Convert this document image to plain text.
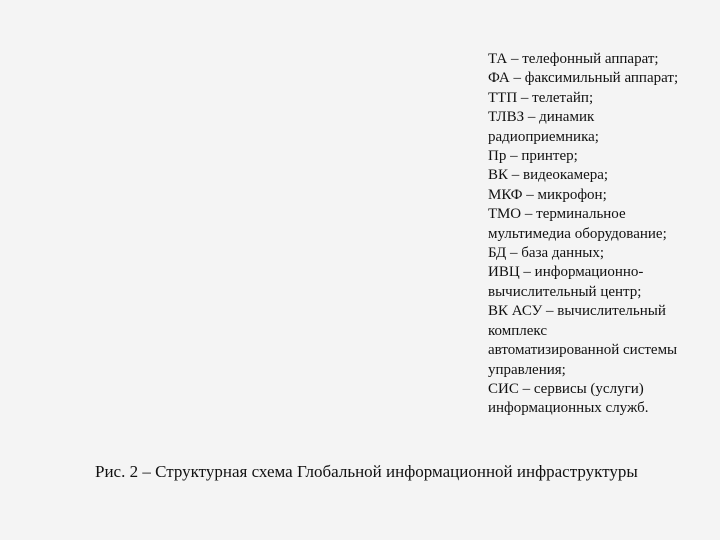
ТА – телефонный аппарат;
ФА – факсимильный аппарат;
ТТП – телетайп;
ТЛВЗ – динамик
радиоприемника;
Пр – принтер;
ВК – видеокамера;
МКФ – микрофон;
ТМО – терминальное
мультимедиа оборудование;
БД – база данных;
ИВЦ – информационно-
вычислительный центр;
ВК АСУ – вычислительный
комплекс
автоматизированной системы
управления;
СИС – сервисы (услуги)
информационных служб.

Рис. 2 – Структурная схема Глобальной информационной инфраструктуры
